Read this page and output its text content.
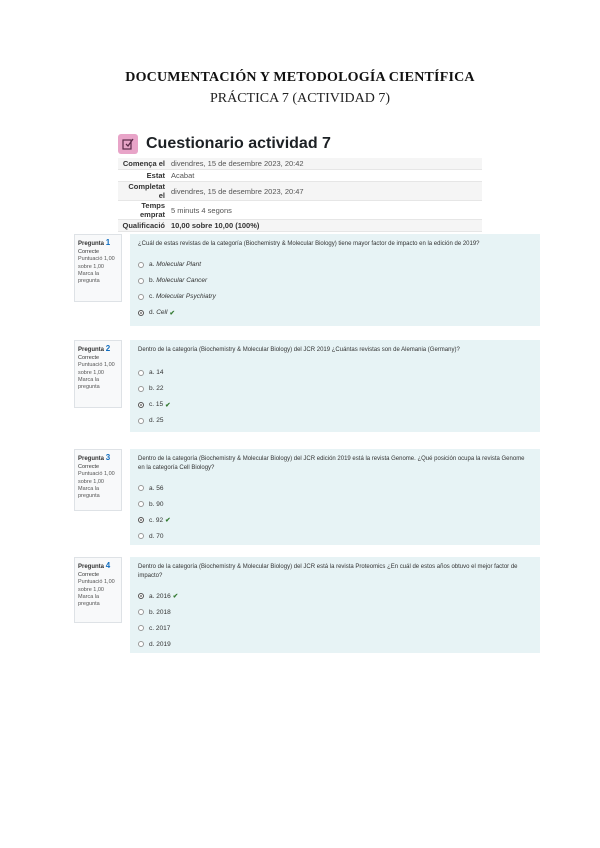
DOCUMENTACIÓN Y METODOLOGÍA CIENTÍFICA
PRÁCTICA 7 (ACTIVIDAD 7)
Cuestionario actividad 7
Comença el	divendres, 15 de desembre 2023, 20:42
Estat	Acabat
Completat el	divendres, 15 de desembre 2023, 20:47
Temps emprat	5 minuts 4 segons
Qualificació	10,00 sobre 10,00 (100%)
Pregunta 1
Correcte
Puntuació 1,00 sobre 1,00
Marca la pregunta
¿Cuál de estas revistas de la categoría (Biochemistry & Molecular Biology) tiene mayor factor de impacto en la edición de 2019?
a.
Molecular Plant
b.
Molecular Cancer
c.
Molecular Psychiatry
d.
Cell ✔
Pregunta 2
Correcte
Puntuació 1,00 sobre 1,00
Marca la pregunta
Dentro de la categoría (Biochemistry & Molecular Biology) del JCR 2019 ¿Cuántas revistas son de Alemania (Germany)?
a.
14
b.
22
c.
15 ✔
d.
25
Pregunta 3
Correcte
Puntuació 1,00 sobre 1,00
Marca la pregunta
Dentro de la categoría (Biochemistry & Molecular Biology) del JCR edición 2019 está la revista Genome. ¿Qué posición ocupa la revista Genome en la categoría Cell Biology?
a.
56
b.
90
c.
92 ✔
d.
70
Pregunta 4
Correcte
Puntuació 1,00 sobre 1,00
Marca la pregunta
Dentro de la categoría (Biochemistry & Molecular Biology) del JCR está la revista Proteomics ¿En cuál de estos años obtuvo el mejor factor de impacto?
a.
2016 ✔
b.
2018
c.
2017
d.
2019
